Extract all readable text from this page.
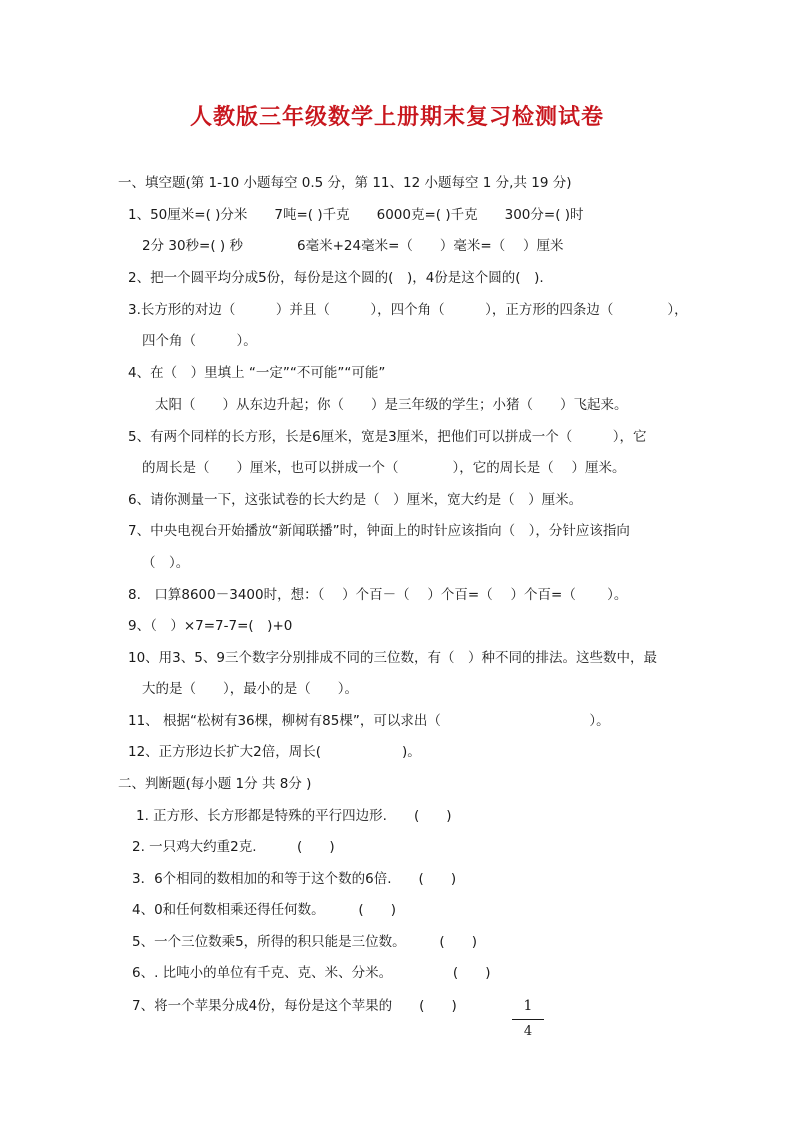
人教版三年级数学上册期末复习检测试卷
一、填空题(第 1-10 小题每空 0.5 分，第 11、12 小题每空 1 分,共 19 分)
1、50厘米=( )分米　　7吨=( )千克　　6000克=( )千克　　300分=( )时
2分 30秒=( ) 秒　　　　6毫米+24毫米=（　　）毫米=（　 ）厘米
2、把一个圆平均分成5份，每份是这个圆的(　)，4份是这个圆的(　).
3.长方形的对边（　　　）并且（　　　），四个角（　　　），正方形的四条边（　　　　），
四个角（　　　）。
4、在（　）里填上 “一定”“不可能”“可能”
太阳（　　）从东边升起；你（　　）是三年级的学生；小猪（　　）飞起来。
5、有两个同样的长方形，长是6厘米，宽是3厘米，把他们可以拼成一个（　　　），它
的周长是（　　）厘米，也可以拼成一个（　　　　），它的周长是（　 ）厘米。
6、请你测量一下，这张试卷的长大约是（　）厘米，宽大约是（　）厘米。
7、中央电视台开始播放“新闻联播”时，钟面上的时针应该指向（　），分针应该指向
（　）。
8.　口算8600－3400时，想：（　 ）个百－（　 ）个百=（　 ）个百=（　　 ）。
9、（　）×7=7-7=(　)+0
10、用3、5、9三个数字分别排成不同的三位数，有（　）种不同的排法。这些数中，最
大的是（　　），最小的是（　　）。
11、 根据“松树有36棵，柳树有85棵”，可以求出（　　　　　　　　　　　）。
12、正方形边长扩大2倍，周长(　　　　　　)。
二、判断题(每小题 1分 共 8分 )
1. 正方形、长方形都是特殊的平行四边形.　　(　　)
2. 一只鸡大约重2克.　　　(　　)
3．6个相同的数相加的和等于这个数的6倍.　　(　　)
4、0和任何数相乘还得任何数。　　　(　　)
5、一个三位数乘5，所得的积只能是三位数。　　　(　　)
6、. 比吨小的单位有千克、克、米、分米。　　　　　(　　)
7、将一个苹果分成4份，每份是这个苹果的　　(　　)	1
4
